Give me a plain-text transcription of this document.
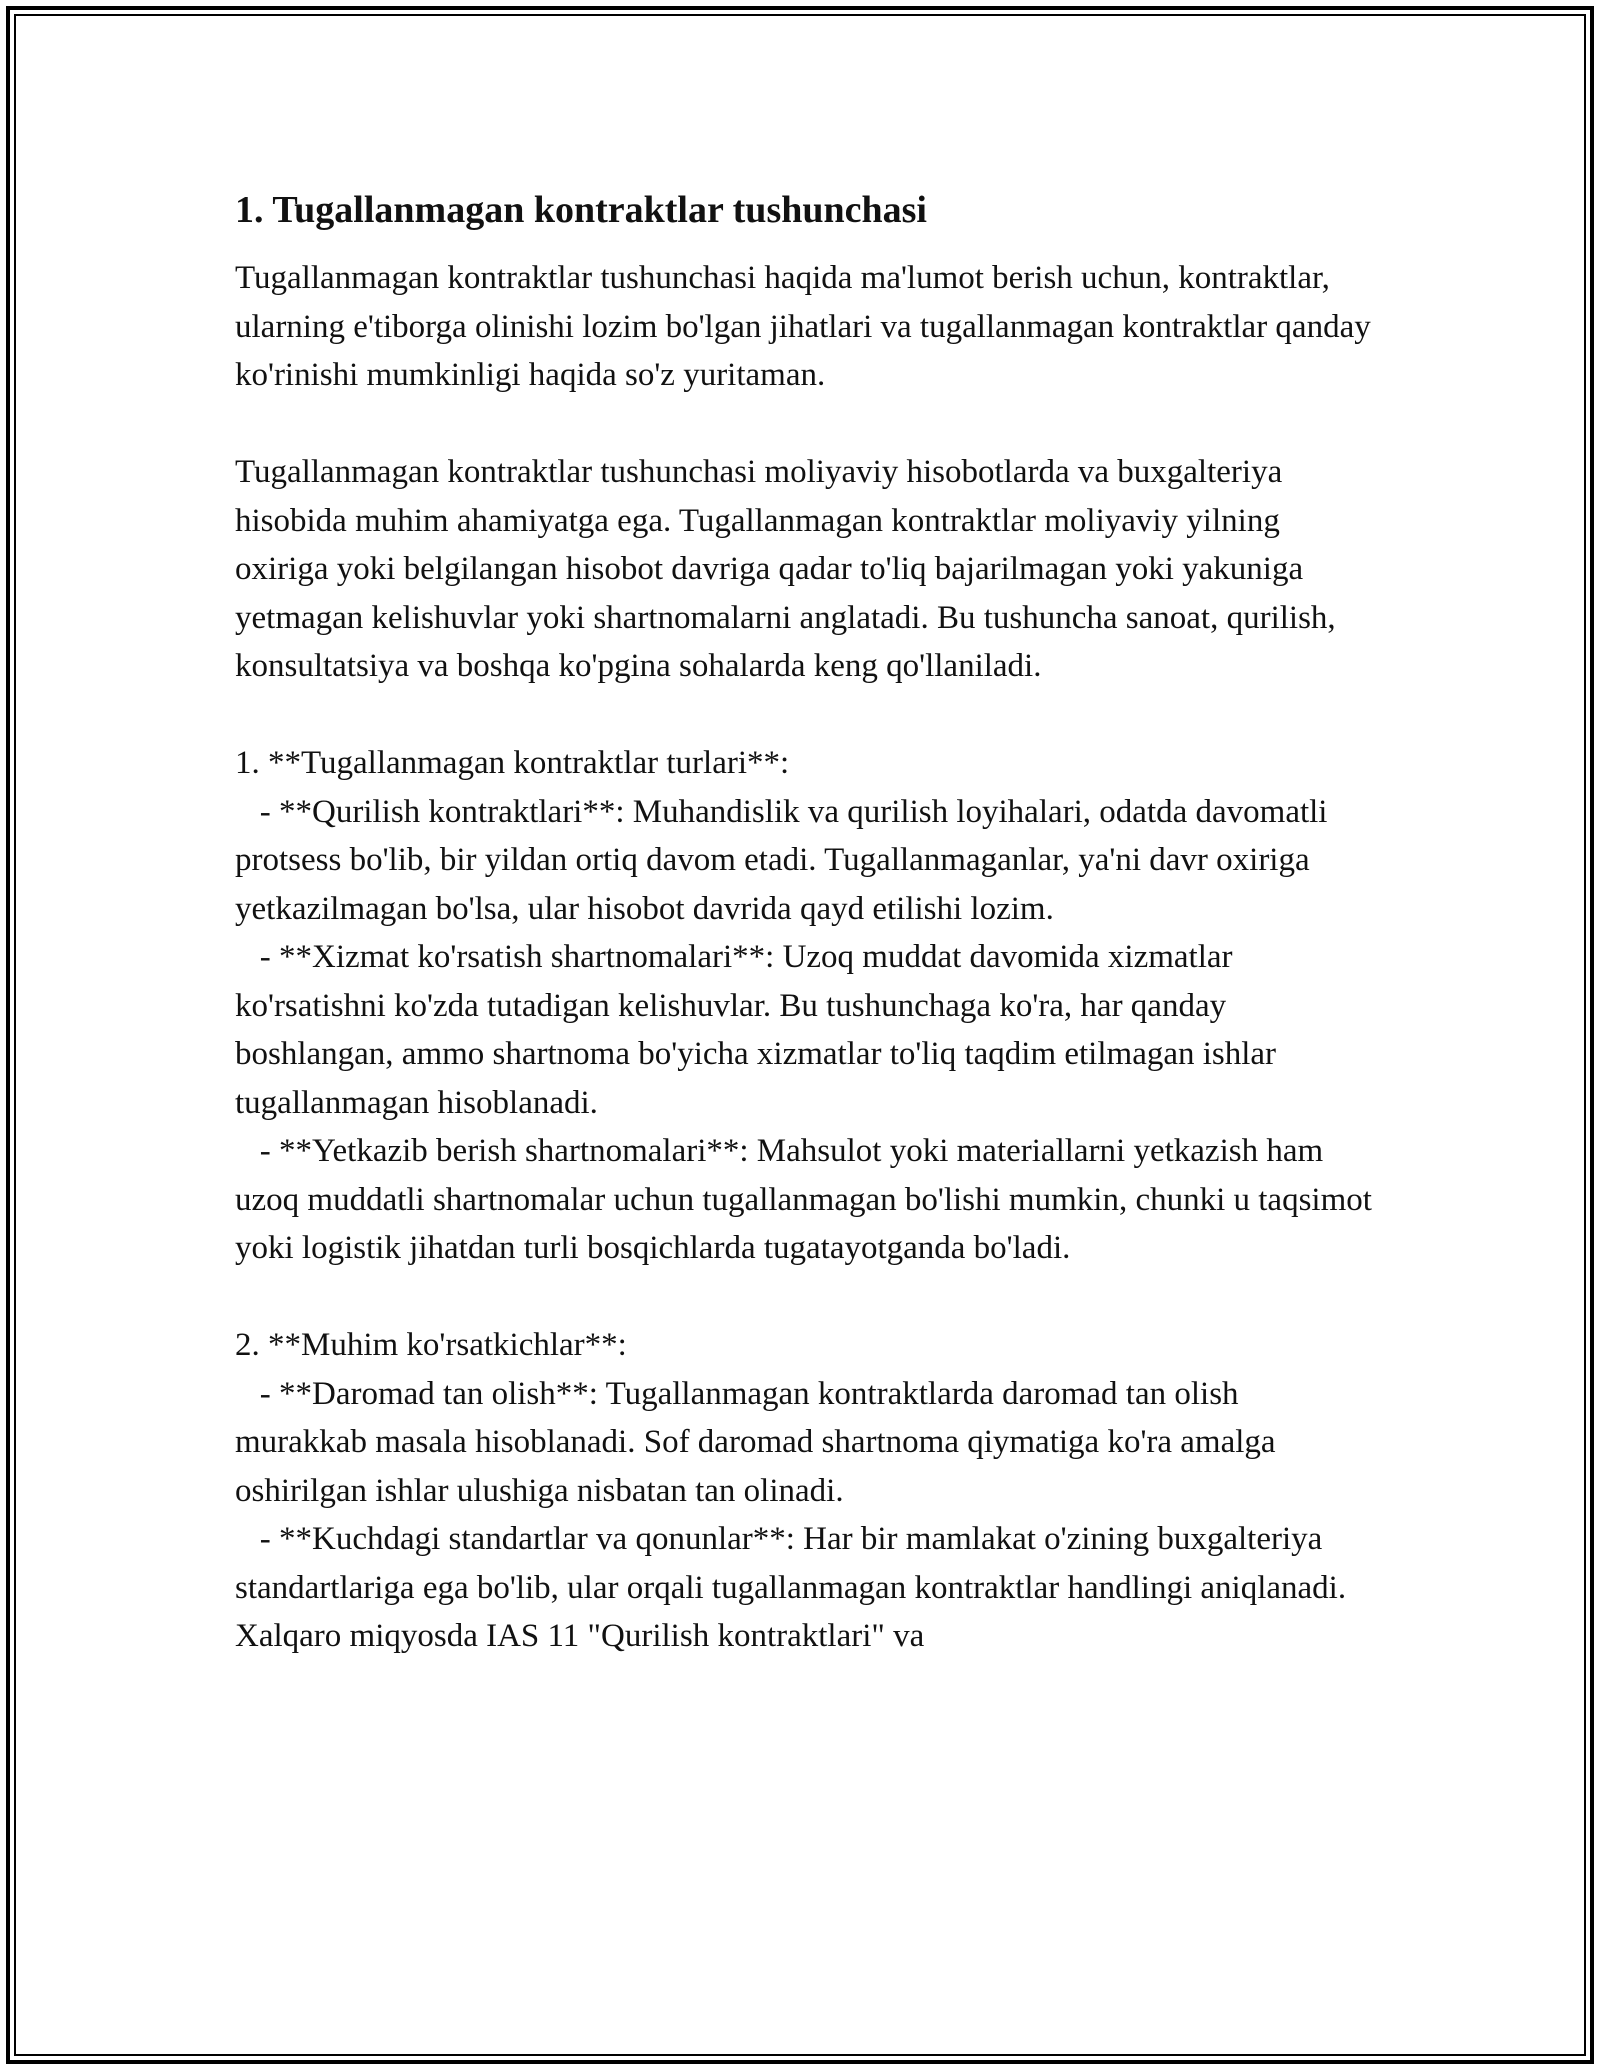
1. Tugallanmagan kontraktlar tushunchasi

Tugallanmagan kontraktlar tushunchasi haqida ma'lumot berish uchun, kontraktlar, ularning e'tiborga olinishi lozim bo'lgan jihatlari va tugallanmagan kontraktlar qanday ko'rinishi mumkinligi haqida so'z yuritaman.

Tugallanmagan kontraktlar tushunchasi moliyaviy hisobotlarda va buxgalteriya hisobida muhim ahamiyatga ega. Tugallanmagan kontraktlar moliyaviy yilning oxiriga yoki belgilangan hisobot davriga qadar to'liq bajarilmagan yoki yakuniga yetmagan kelishuvlar yoki shartnomalarni anglatadi. Bu tushuncha sanoat, qurilish, konsultatsiya va boshqa ko'pgina sohalarda keng qo'llaniladi.

1. **Tugallanmagan kontraktlar turlari**:

- **Qurilish kontraktlari**: Muhandislik va qurilish loyihalari, odatda davomatli protsess bo'lib, bir yildan ortiq davom etadi. Tugallanmaganlar, ya'ni davr oxiriga yetkazilmagan bo'lsa, ular hisobot davrida qayd etilishi lozim.

- **Xizmat ko'rsatish shartnomalari**: Uzoq muddat davomida xizmatlar ko'rsatishni ko'zda tutadigan kelishuvlar. Bu tushunchaga ko'ra, har qanday boshlangan, ammo shartnoma bo'yicha xizmatlar to'liq taqdim etilmagan ishlar tugallanmagan hisoblanadi.

- **Yetkazib berish shartnomalari**: Mahsulot yoki materiallarni yetkazish ham uzoq muddatli shartnomalar uchun tugallanmagan bo'lishi mumkin, chunki u taqsimot yoki logistik jihatdan turli bosqichlarda tugatayotganda bo'ladi.

2. **Muhim ko'rsatkichlar**:

- **Daromad tan olish**: Tugallanmagan kontraktlarda daromad tan olish murakkab masala hisoblanadi. Sof daromad shartnoma qiymatiga ko'ra amalga oshirilgan ishlar ulushiga nisbatan tan olinadi.

- **Kuchdagi standartlar va qonunlar**: Har bir mamlakat o'zining buxgalteriya standartlariga ega bo'lib, ular orqali tugallanmagan kontraktlar handlingi aniqlanadi. Xalqaro miqyosda IAS 11 "Qurilish kontraktlari" va
